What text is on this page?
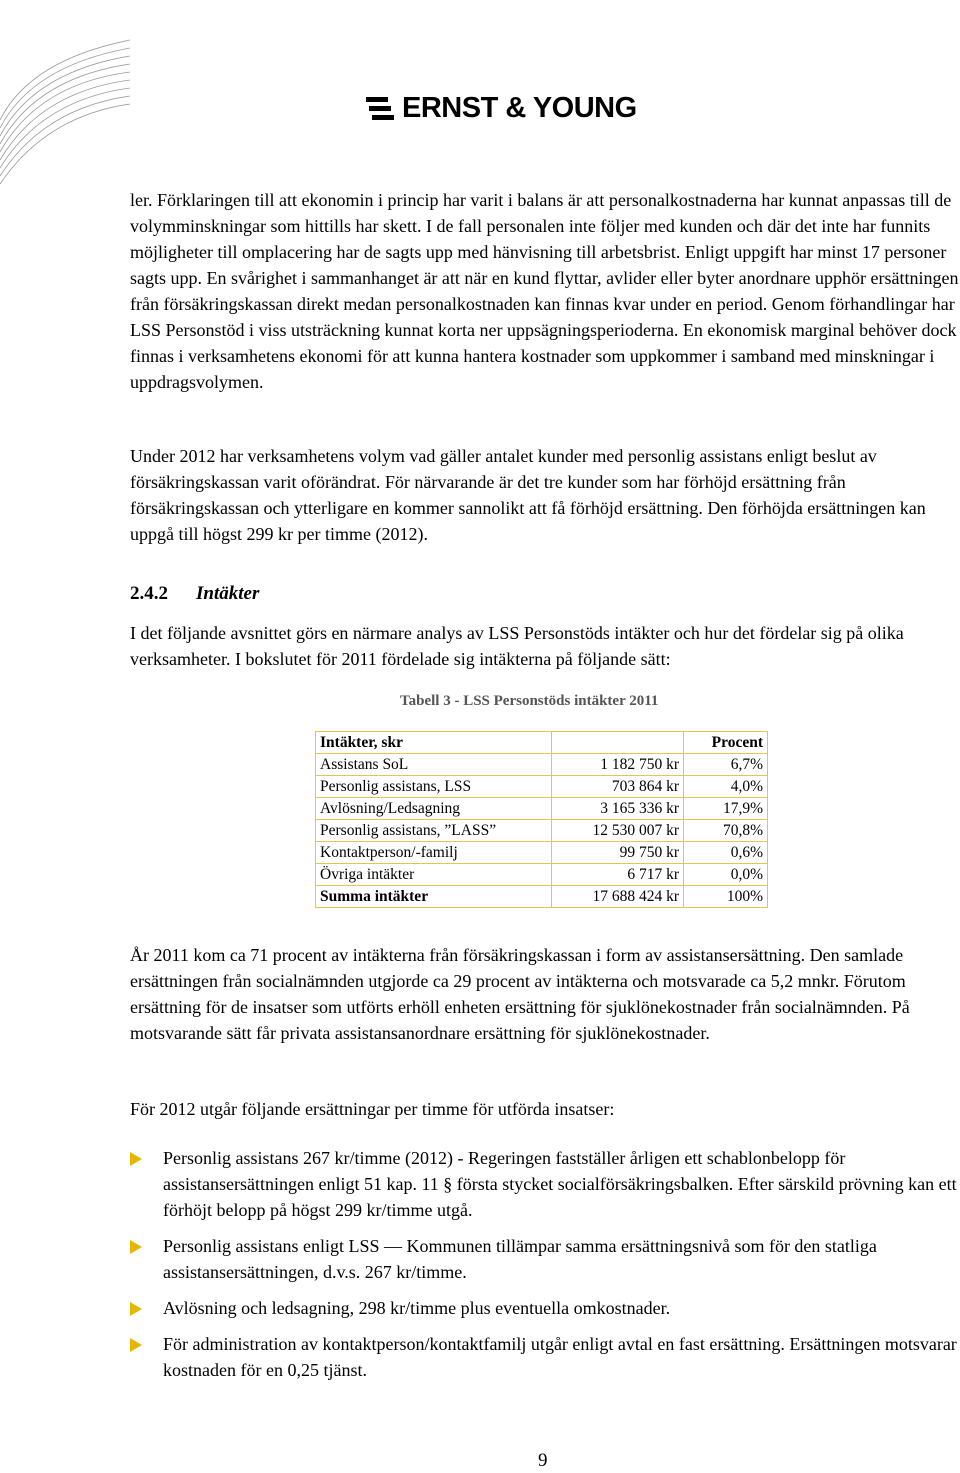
ERNST & YOUNG

ler. Förklaringen till att ekonomin i princip har varit i balans är att personalkostnaderna har kunnat anpassas till de volymminskningar som hittills har skett. I de fall personalen inte följer med kunden och där det inte har funnits möjligheter till omplacering har de sagts upp med hänvisning till arbetsbrist. Enligt uppgift har minst 17 personer sagts upp. En svårighet i sammanhanget är att när en kund flyttar, avlider eller byter anordnare upphör ersättningen från försäkringskassan direkt medan personalkostnaden kan finnas kvar under en period. Genom förhandlingar har LSS Personstöd i viss utsträckning kunnat korta ner uppsägningsperioderna. En ekonomisk marginal behöver dock finnas i verksamhetens ekonomi för att kunna hantera kostnader som uppkommer i samband med minskningar i uppdragsvolymen.

Under 2012 har verksamhetens volym vad gäller antalet kunder med personlig assistans enligt beslut av försäkringskassan varit oförändrat. För närvarande är det tre kunder som har förhöjd ersättning från försäkringskassan och ytterligare en kommer sannolikt att få förhöjd ersättning. Den förhöjda ersättningen kan uppgå till högst 299 kr per timme (2012).

2.4.2 Intäkter

I det följande avsnittet görs en närmare analys av LSS Personstöds intäkter och hur det fördelar sig på olika verksamheter. I bokslutet för 2011 fördelade sig intäkterna på följande sätt:

Tabell 3 - LSS Personstöds intäkter 2011

Intäkter, skr		Procent
Assistans SoL	1 182 750 kr	6,7%
Personlig assistans, LSS	703 864 kr	4,0%
Avlösning/Ledsagning	3 165 336 kr	17,9%
Personlig assistans, ”LASS”	12 530 007 kr	70,8%
Kontaktperson/-familj	99 750 kr	0,6%
Övriga intäkter	6 717 kr	0,0%
Summa intäkter	17 688 424 kr	100%

År 2011 kom ca 71 procent av intäkterna från försäkringskassan i form av assistansersättning. Den samlade ersättningen från socialnämnden utgjorde ca 29 procent av intäkterna och motsvarade ca 5,2 mnkr. Förutom ersättning för de insatser som utförts erhöll enheten ersättning för sjuklönekostnader från socialnämnden. På motsvarande sätt får privata assistansanordnare ersättning för sjuklönekostnader.

För 2012 utgår följande ersättningar per timme för utförda insatser:

Personlig assistans 267 kr/timme (2012) - Regeringen fastställer årligen ett schablonbelopp för assistansersättningen enligt 51 kap. 11 § första stycket socialförsäkringsbalken. Efter särskild prövning kan ett förhöjt belopp på högst 299 kr/timme utgå.
Personlig assistans enligt LSS — Kommunen tillämpar samma ersättningsnivå som för den statliga assistansersättningen, d.v.s. 267 kr/timme.
Avlösning och ledsagning, 298 kr/timme plus eventuella omkostnader.
För administration av kontaktperson/kontaktfamilj utgår enligt avtal en fast ersättning. Ersättningen motsvarar kostnaden för en 0,25 tjänst.
9
